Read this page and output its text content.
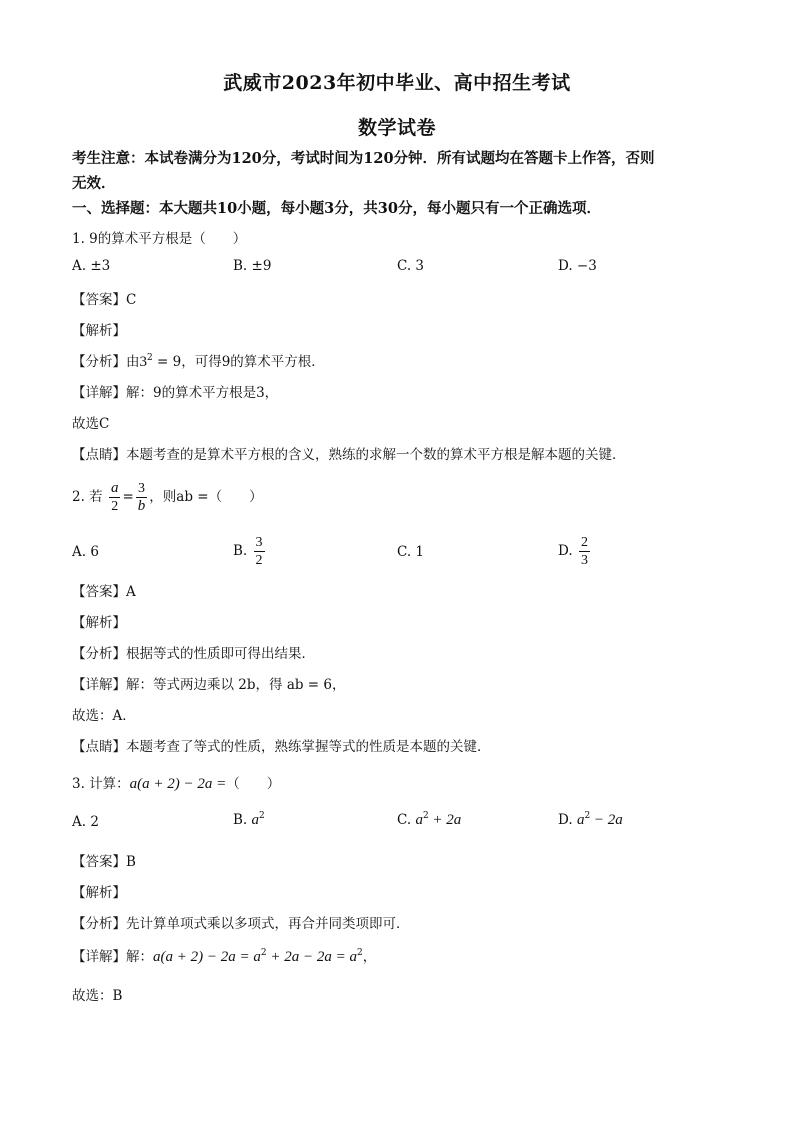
武威市2023年初中毕业、高中招生考试
数学试卷
考生注意：本试卷满分为120分，考试时间为120分钟．所有试题均在答题卡上作答，否则
无效．
一、选择题：本大题共10小题，每小题3分，共30分，每小题只有一个正确选项．
1. 9的算术平方根是（　　）
A. ±3	B. ±9	C. 3	D. −3
【答案】C
【解析】
【分析】由$3^2 = 9$，可得9的算术平方根．
【详解】解：9的算术平方根是3，
故选C
【点睛】本题考查的是算术平方根的含义，熟练的求解一个数的算术平方根是解本题的关键．
2. 若 $\frac{a}{2} = \frac{3}{b}$ ，则ab =（　　）
A. 6	B. $\frac{3}{2}$	C. 1	D. $\frac{2}{3}$
【答案】A
【解析】
【分析】根据等式的性质即可得出结果．
【详解】解：等式两边乘以 2b，得 ab = 6，
故选：A．
【点睛】本题考查了等式的性质，熟练掌握等式的性质是本题的关键．
3. 计算：a(a + 2) − 2a =（　　）
A. 2	B. $a^2$	C. $a^2 + 2a$	D. $a^2 - 2a$
【答案】B
【解析】
【分析】先计算单项式乘以多项式，再合并同类项即可．
【详解】解：$a(a + 2) - 2a = a^2 + 2a - 2a = a^2$，
故选：B
